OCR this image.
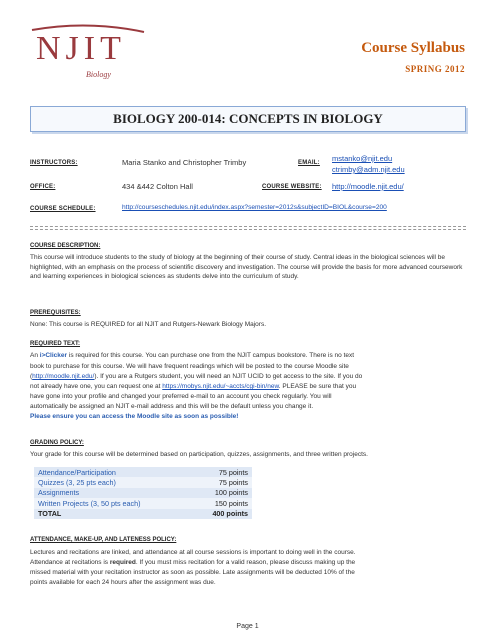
NJIT
Biology
Course Syllabus
SPRING 2012
BIOLOGY 200-014: CONCEPTS IN BIOLOGY
INSTRUCTORS:	Maria Stanko and Christopher Trimby	EMAIL: mstanko@njit.edu
ctrimby@adm.njit.edu
OFFICE:	434 &442 Colton Hall	COURSE WEBSITE: http://moodle.njit.edu/
COURSE SCHEDULE:	http://courseschedules.njit.edu/index.aspx?semester=2012s&subjectID=BIOL&course=200
COURSE DESCRIPTION:
This course will introduce students to the study of biology at the beginning of their course of study. Central ideas in the biological sciences will be highlighted, with an emphasis on the process of scientific discovery and investigation. The course will provide the basis for more advanced coursework and learning experiences in biological sciences as students delve into the curriculum of study.
PREREQUISITES:
None: This course is REQUIRED for all NJIT and Rutgers-Newark Biology Majors.
REQUIRED TEXT:
An i>Clicker is required for this course. You can purchase one from the NJIT campus bookstore. There is no text
book to purchase for this course. We will have frequent readings which will be posted to the course Moodle site
(http://moodle.njit.edu/). If you are a Rutgers student, you will need an NJIT UCID to get access to the site. If you do
not already have one, you can request one at https://mobys.njit.edu/~accts/cgi-bin/new. PLEASE be sure that you
have gone into your profile and changed your preferred e-mail to an account you check regularly. You will
automatically be assigned an NJIT e-mail address and this will be the default unless you change it.
Please ensure you can access the Moodle site as soon as possible!
GRADING POLICY:
Your grade for this course will be determined based on participation, quizzes, assignments, and three written projects.
Attendance/Participation	75 points
Quizzes (3, 25 pts each)	75 points
Assignments	100 points
Written Projects (3, 50 pts each)	150 points
TOTAL	400 points
ATTENDANCE, MAKE-UP, AND LATENESS POLICY:
Lectures and recitations are linked, and attendance at all course sessions is important to doing well in the course.
Attendance at recitations is required. If you must miss recitation for a valid reason, please discuss making up the
missed material with your recitation instructor as soon as possible. Late assignments will be deducted 10% of the
points available for each 24 hours after the assignment was due.
Page 1
